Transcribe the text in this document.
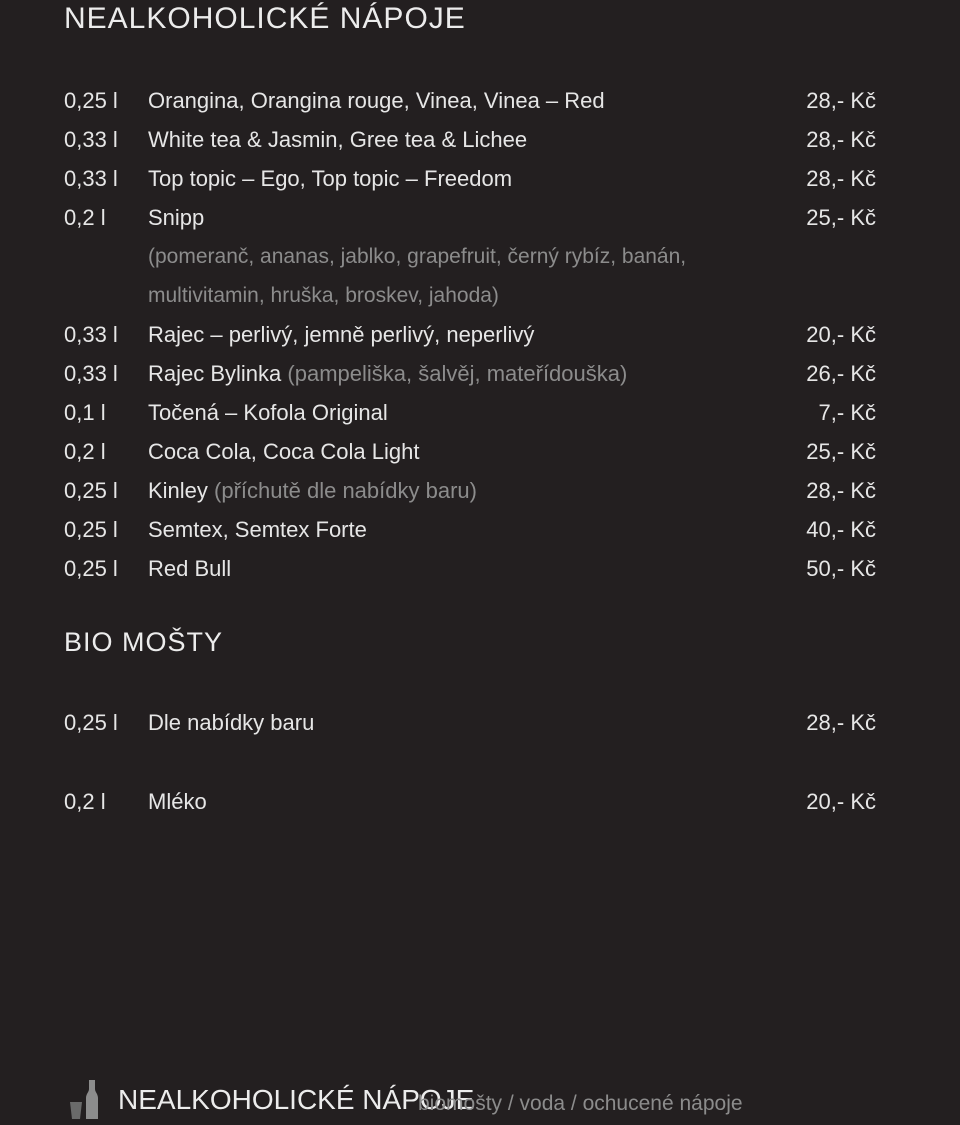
NEALKOHOLICKÉ NÁPOJE
0,25 l Orangina, Orangina rouge, Vinea, Vinea – Red	28,- Kč
0,33 l White tea & Jasmin, Gree tea & Lichee	28,- Kč
0,33 l Top topic – Ego, Top topic – Freedom	28,- Kč
0,2 l Snipp	25,- Kč
(pomeranč, ananas, jablko, grapefruit, černý rybíz, banán,
multivitamin, hruška, broskev, jahoda)
0,33 l Rajec – perlivý, jemně perlivý, neperlivý	20,- Kč
0,33 l Rajec Bylinka (pampeliška, šalvěj, mateřídouška)	26,- Kč
0,1 l Točená – Kofola Original	7,- Kč
0,2 l Coca Cola, Coca Cola Light	25,- Kč
0,25 l Kinley (příchutě dle nabídky baru)	28,- Kč
0,25 l Semtex, Semtex Forte	40,- Kč
0,25 l Red Bull	50,- Kč
BIO MOŠTY
0,25 l Dle nabídky baru	28,- Kč
0,2 l Mléko	20,- Kč
NEALKOHOLICKÉ NÁPOJE
biomošty / voda / ochucené nápoje
